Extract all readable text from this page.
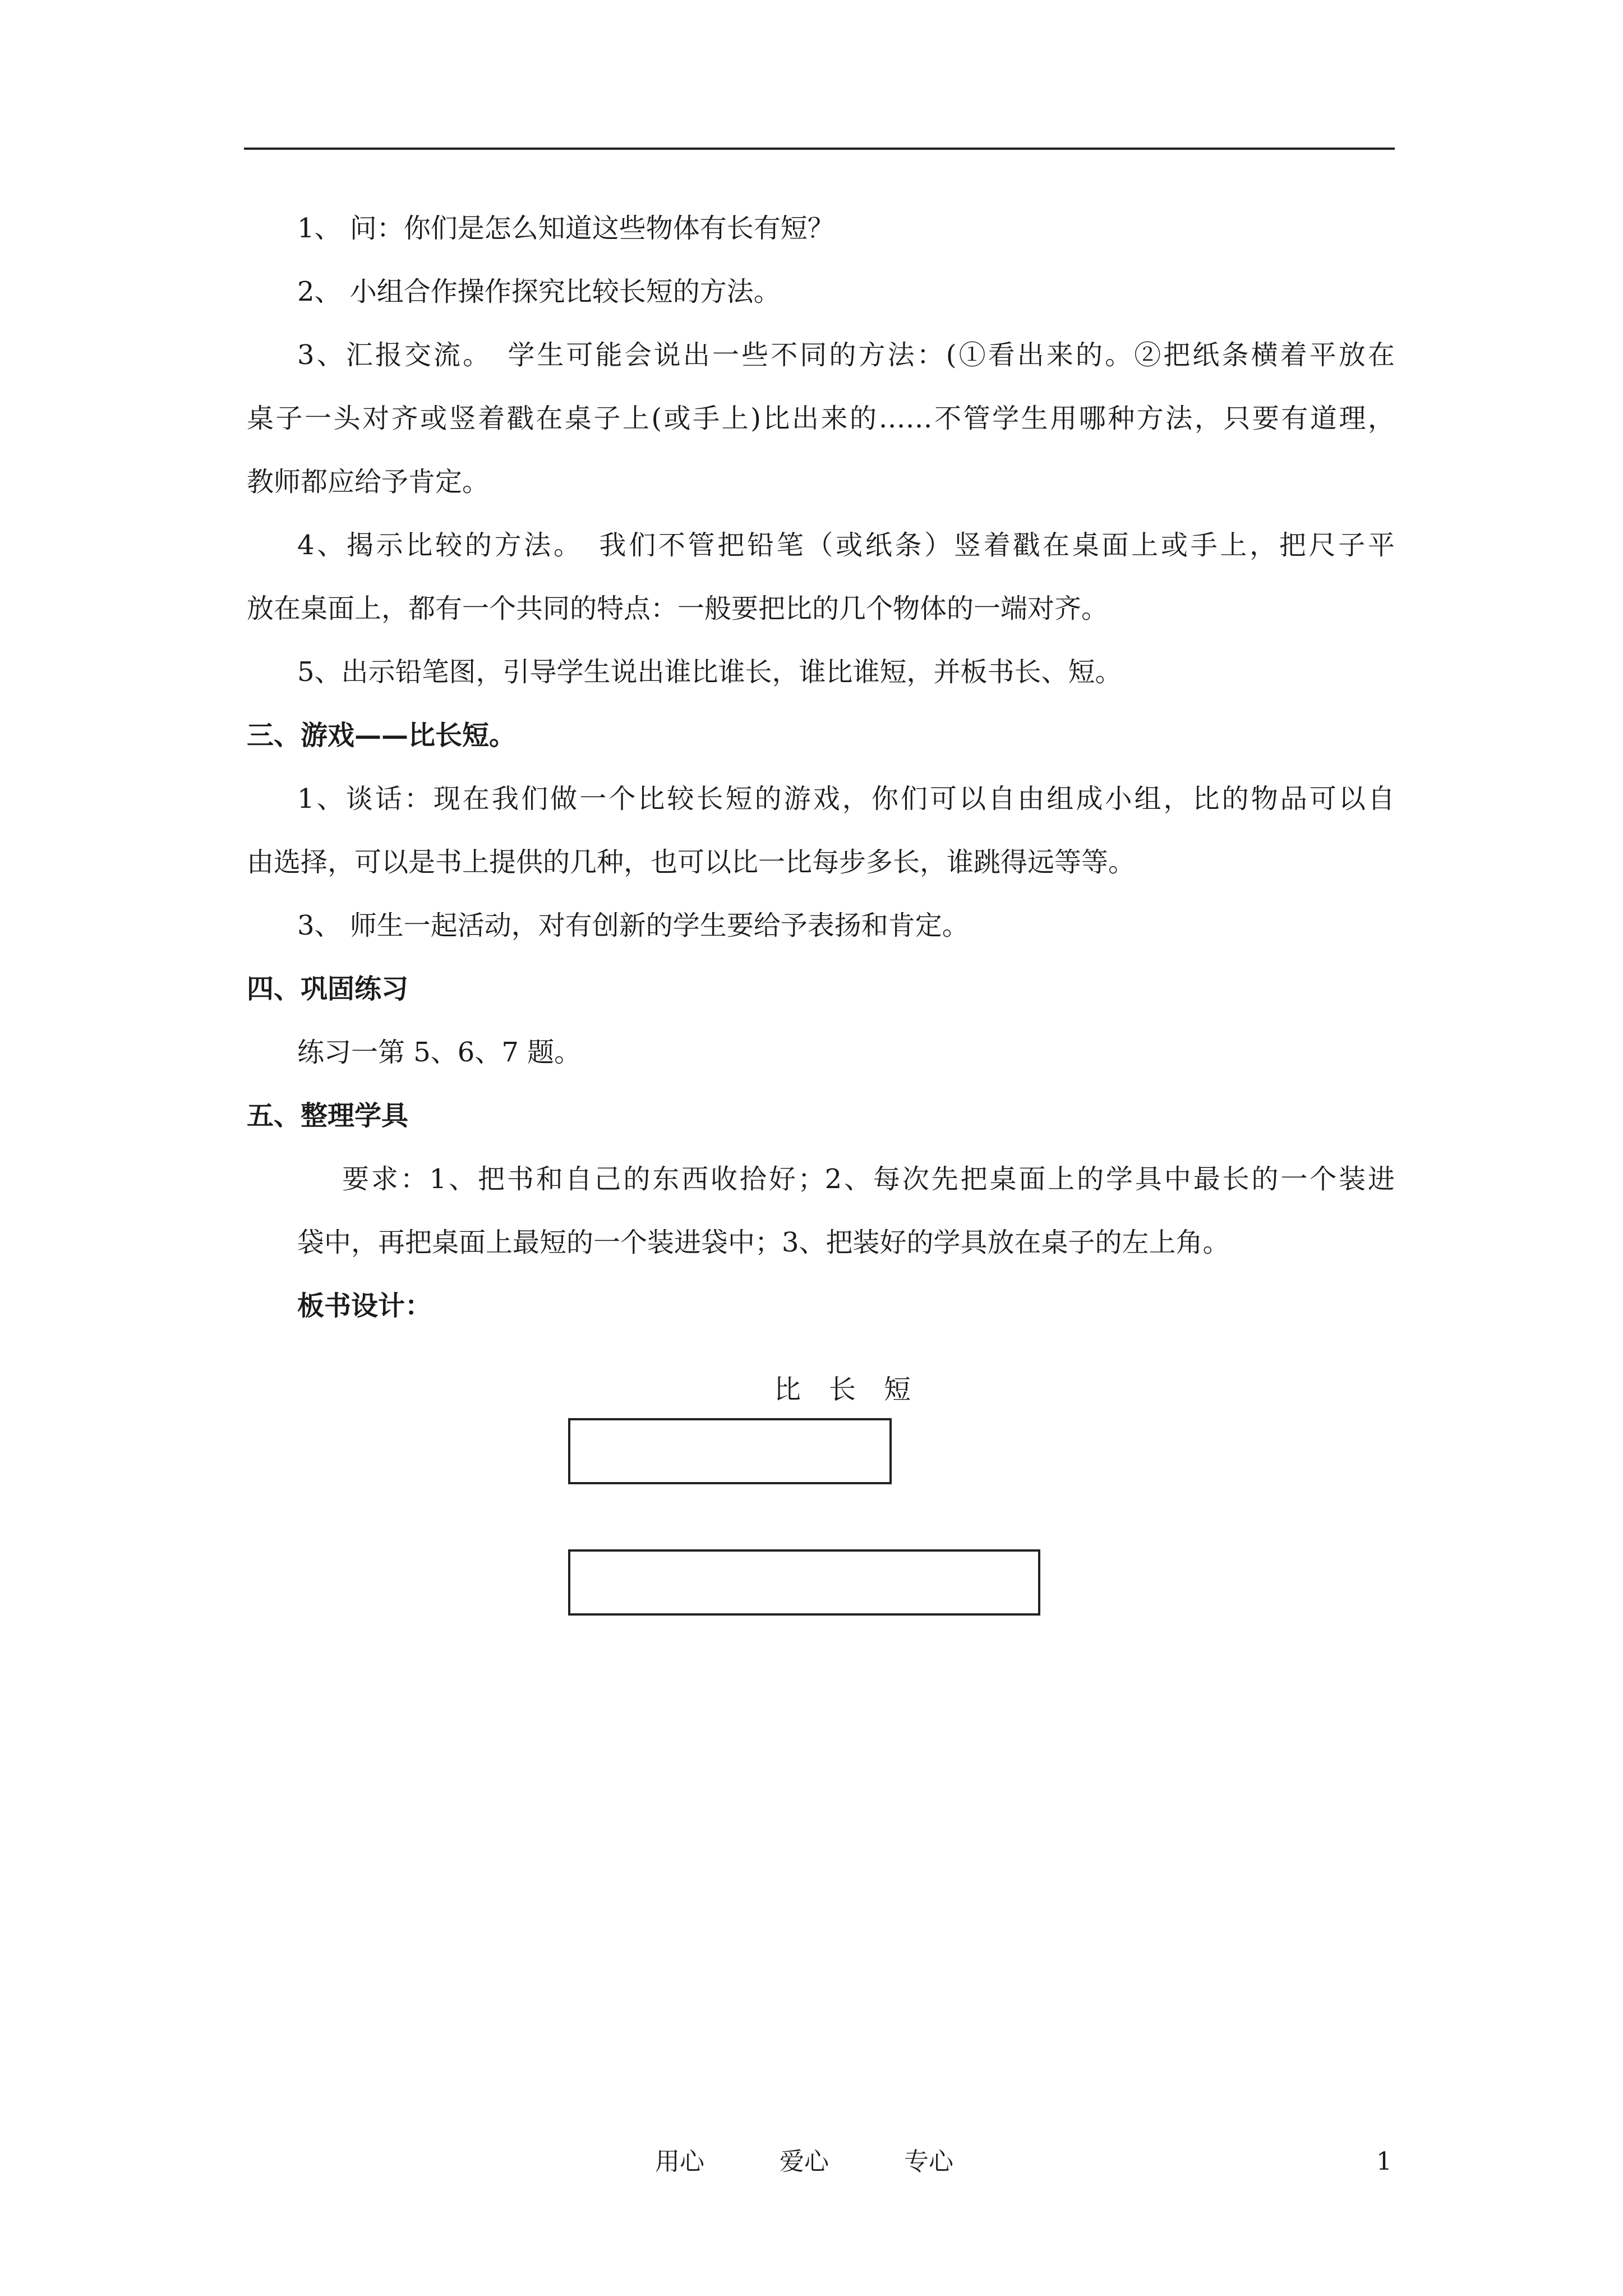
1、 问：你们是怎么知道这些物体有长有短？
2、 小组合作操作探究比较长短的方法。
3、汇报交流。　学生可能会说出一些不同的方法：(①看出来的。②把纸条横着平放在
桌子一头对齐或竖着戳在桌子上(或手上)比出来的……不管学生用哪种方法，只要有道理，
教师都应给予肯定。
4、揭示比较的方法。　我们不管把铅笔（或纸条）竖着戳在桌面上或手上，把尺子平
放在桌面上，都有一个共同的特点：一般要把比的几个物体的一端对齐。
5、出示铅笔图，引导学生说出谁比谁长，谁比谁短，并板书长、短。
三、游戏——比长短。
1、谈话：现在我们做一个比较长短的游戏，你们可以自由组成小组，比的物品可以自
由选择，可以是书上提供的几种，也可以比一比每步多长，谁跳得远等等。
3、 师生一起活动，对有创新的学生要给予表扬和肯定。
四、巩固练习
练习一第 5、6、7 题。
五、整理学具
要求：1、把书和自己的东西收拾好；2、每次先把桌面上的学具中最长的一个装进
袋中，再把桌面上最短的一个装进袋中；3、把装好的学具放在桌子的左上角。
板书设计：
比长短
用心	爱心	专心	1
